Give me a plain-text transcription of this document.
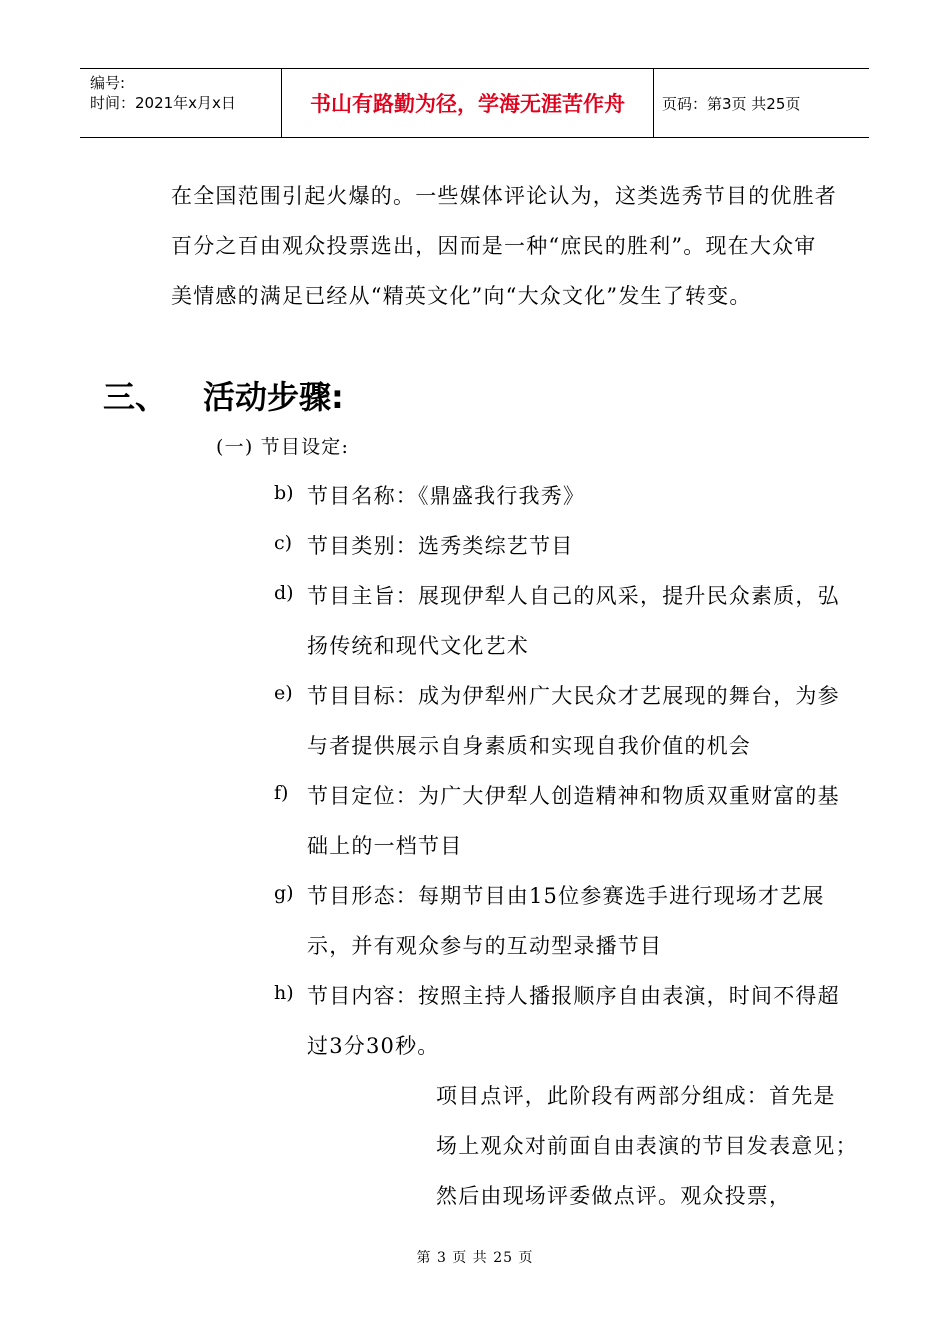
编号:
时间：2021年x月x日	书山有路勤为径，学海无涯苦作舟	页码：第3页 共25页
在全国范围引起火爆的。一些媒体评论认为，这类选秀节目的优胜者
百分之百由观众投票选出，因而是一种“庶民的胜利”。现在大众审
美情感的满足已经从“精英文化”向“大众文化”发生了转变。
三、	活动步骤:
(一) 节目设定:
b) 节目名称：《鼎盛我行我秀》
c) 节目类别：选秀类综艺节目
d) 节目主旨：展现伊犁人自己的风采，提升民众素质，弘
扬传统和现代文化艺术
e) 节目目标：成为伊犁州广大民众才艺展现的舞台，为参
与者提供展示自身素质和实现自我价值的机会
f) 节目定位：为广大伊犁人创造精神和物质双重财富的基
础上的一档节目
g) 节目形态：每期节目由15位参赛选手进行现场才艺展
示，并有观众参与的互动型录播节目
h) 节目内容：按照主持人播报顺序自由表演，时间不得超
过3分30秒。
项目点评，此阶段有两部分组成：首先是
场上观众对前面自由表演的节目发表意见；
然后由现场评委做点评。观众投票，
第 3 页 共 25 页
